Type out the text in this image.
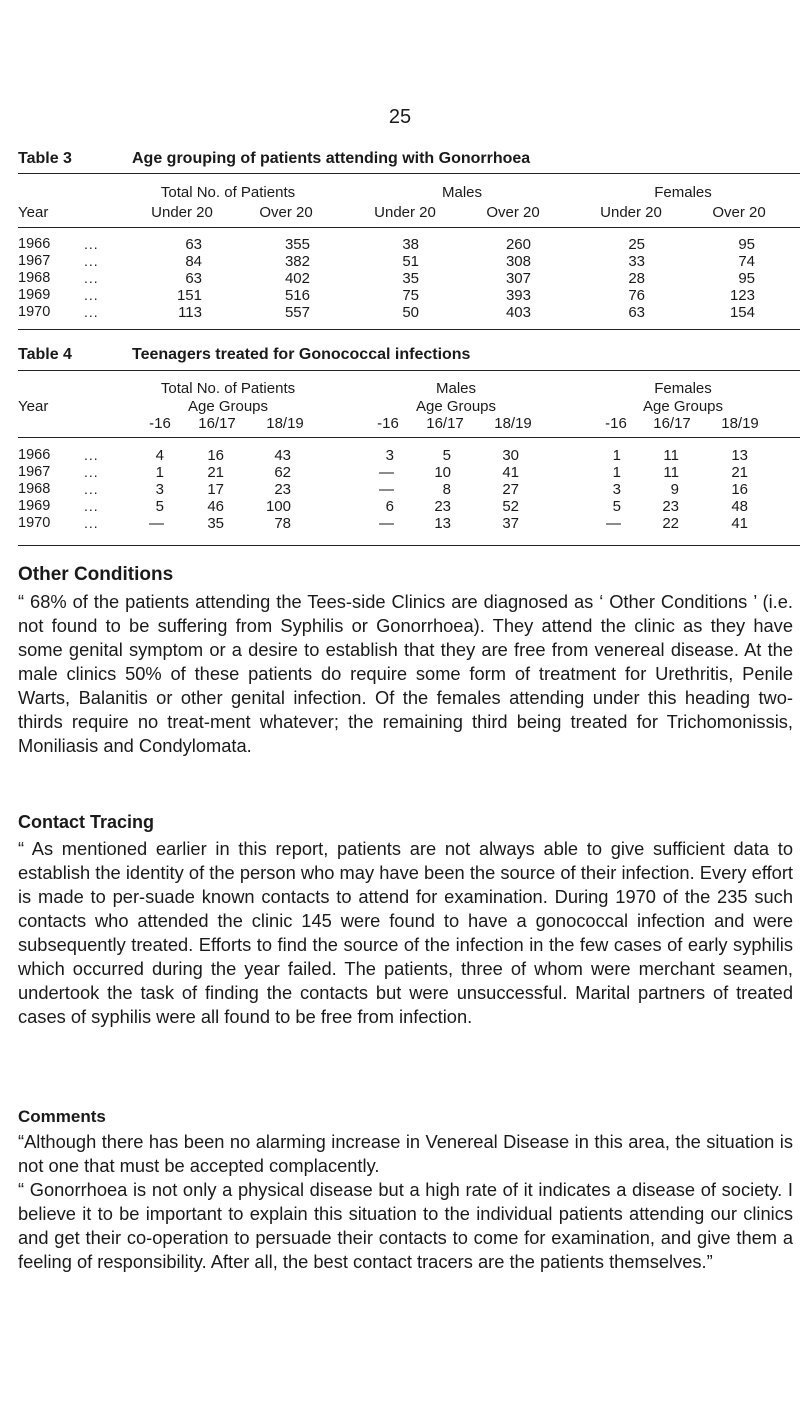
25
Table 3	Age grouping of patients attending with Gonorrhoea
Total No. of Patients	Males	Females
Year	Under 20	Over 20	Under 20	Over 20	Under 20	Over 20
1966 ...	63	355	38	260	25	95
1967 ...	84	382	51	308	33	74
1968 ...	63	402	35	307	28	95
1969 ...	151	516	75	393	76	123
1970 ...	113	557	50	403	63	154
Table 4	Teenagers treated for Gonococcal infections
Total No. of Patients	Males	Females
Year	Age Groups	Age Groups	Age Groups
-16 16/17 18/19	-16 16/17 18/19	-16 16/17 18/19
1966 ...	4	16	43	3	5	30	1	11	13
1967 ...	1	21	62	—	10	41	1	11	21
1968 ...	3	17	23	—	8	27	3	9	16
1969 ...	5	46	100	6	23	52	5	23	48
1970 ...	—	35	78	—	13	37	—	22	41
Other Conditions

“ 68% of the patients attending the Tees-side Clinics are diagnosed as ‘ Other Conditions ’ (i.e. not found to be suffering from Syphilis or Gonorrhoea). They attend the clinic as they have some genital symptom or a desire to establish that they are free from venereal disease. At the male clinics 50% of these patients do require some form of treatment for Urethritis, Penile Warts, Balanitis or other genital infection. Of the females attending under this heading two-thirds require no treat-ment whatever; the remaining third being treated for Trichomonissis, Moniliasis and Condylomata.

Contact Tracing

“ As mentioned earlier in this report, patients are not always able to give sufficient data to establish the identity of the person who may have been the source of their infection. Every effort is made to per-suade known contacts to attend for examination. During 1970 of the 235 such contacts who attended the clinic 145 were found to have a gonococcal infection and were subsequently treated. Efforts to find the source of the infection in the few cases of early syphilis which occurred during the year failed. The patients, three of whom were merchant seamen, undertook the task of finding the contacts but were unsuccessful. Marital partners of treated cases of syphilis were all found to be free from infection.

Comments

“Although there has been no alarming increase in Venereal Disease in this area, the situation is not one that must be accepted complacently.

“ Gonorrhoea is not only a physical disease but a high rate of it indicates a disease of society. I believe it to be important to explain this situation to the individual patients attending our clinics and get their co-operation to persuade their contacts to come for examination, and give them a feeling of responsibility. After all, the best contact tracers are the patients themselves.”
